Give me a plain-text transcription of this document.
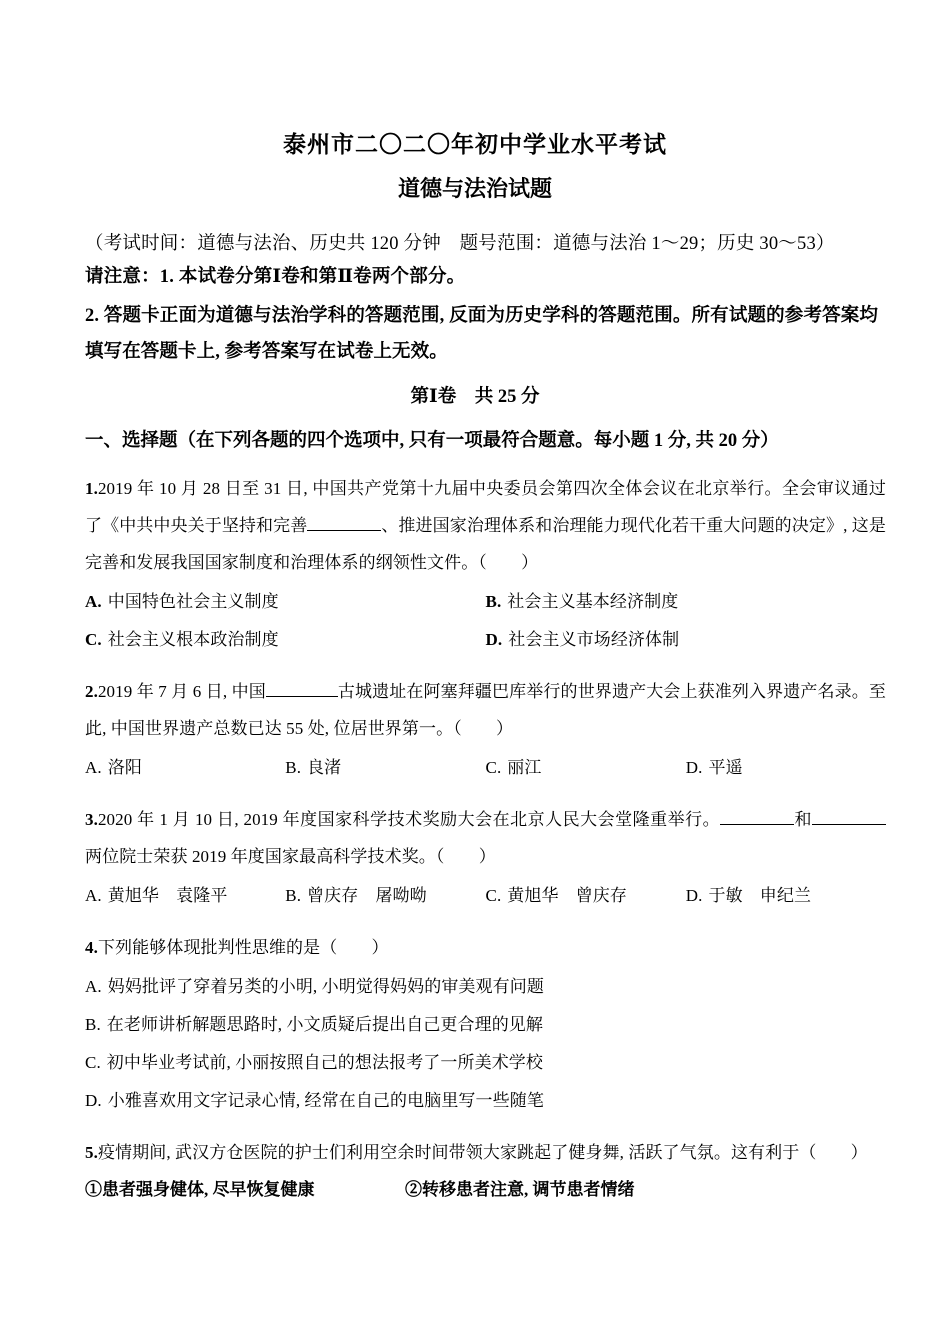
泰州市二〇二〇年初中学业水平考试
道德与法治试题
（考试时间：道德与法治、历史共 120 分钟　题号范围：道德与法治 1～29；历史 30～53）
请注意：1. 本试卷分第Ⅰ卷和第Ⅱ卷两个部分。
2. 答题卡正面为道德与法治学科的答题范围, 反面为历史学科的答题范围。所有试题的参考答案均填写在答题卡上, 参考答案写在试卷上无效。
第Ⅰ卷　共 25 分
一、选择题（在下列各题的四个选项中, 只有一项最符合题意。每小题 1 分, 共 20 分）
1.2019 年 10 月 28 日至 31 日, 中国共产党第十九届中央委员会第四次全体会议在北京举行。全会审议通过了《中共中央关于坚持和完善	、推进国家治理体系和治理能力现代化若干重大问题的决定》, 这是完善和发展我国国家制度和治理体系的纲领性文件。（　　）
A. 中国特色社会主义制度	B. 社会主义基本经济制度
C. 社会主义根本政治制度	D. 社会主义市场经济体制
2.2019 年 7 月 6 日, 中国	古城遗址在阿塞拜疆巴库举行的世界遗产大会上获准列入界遗产名录。至此, 中国世界遗产总数已达 55 处, 位居世界第一。（　　）
A. 洛阳	B. 良渚	C. 丽江	D. 平遥
3.2020 年 1 月 10 日, 2019 年度国家科学技术奖励大会在北京人民大会堂隆重举行。	和两位院士荣获 2019 年度国家最高科学技术奖。（　　）
A. 黄旭华　袁隆平	B. 曾庆存　屠呦呦	C. 黄旭华　曾庆存	D. 于敏　申纪兰
4.下列能够体现批判性思维的是（　　）
A. 妈妈批评了穿着另类的小明, 小明觉得妈妈的审美观有问题
B. 在老师讲析解题思路时, 小文质疑后提出自己更合理的见解
C. 初中毕业考试前, 小丽按照自己的想法报考了一所美术学校
D. 小雅喜欢用文字记录心情, 经常在自己的电脑里写一些随笔
5.疫情期间, 武汉方仓医院的护士们利用空余时间带领大家跳起了健身舞, 活跃了气氛。这有利于（　　）
①患者强身健体, 尽早恢复健康	②转移患者注意, 调节患者情绪
